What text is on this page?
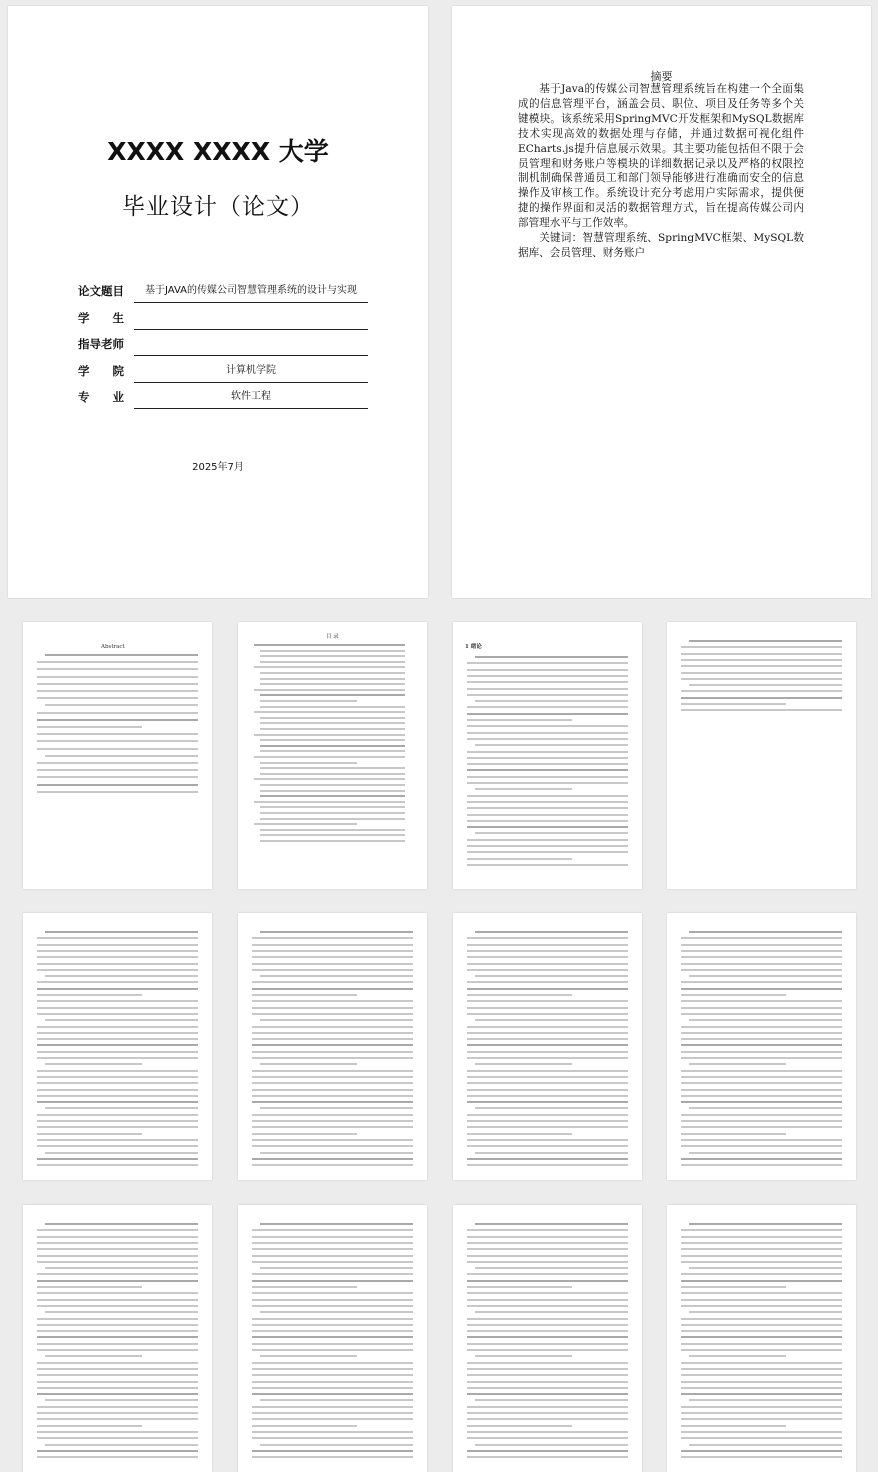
XXXX XXXX 大学
毕业设计（论文）
论文题目	基于JAVA的传媒公司智慧管理系统的设计与实现
学　　生
指导老师
学　　院	计算机学院
专　　业	软件工程
2025年7月
摘要

基于Java的传媒公司智慧管理系统旨在构建一个全面集成的信息管理平台，涵盖会员、职位、项目及任务等多个关键模块。该系统采用SpringMVC开发框架和MySQL数据库技术实现高效的数据处理与存储，并通过数据可视化组件ECharts.js提升信息展示效果。其主要功能包括但不限于会员管理和财务账户等模块的详细数据记录以及严格的权限控制机制确保普通员工和部门领导能够进行准确而安全的信息操作及审核工作。系统设计充分考虑用户实际需求，提供便捷的操作界面和灵活的数据管理方式，旨在提高传媒公司内部管理水平与工作效率。

关键词：智慧管理系统、SpringMVC框架、MySQL数据库、会员管理、财务账户

Abstract
目 录
1 绪论
